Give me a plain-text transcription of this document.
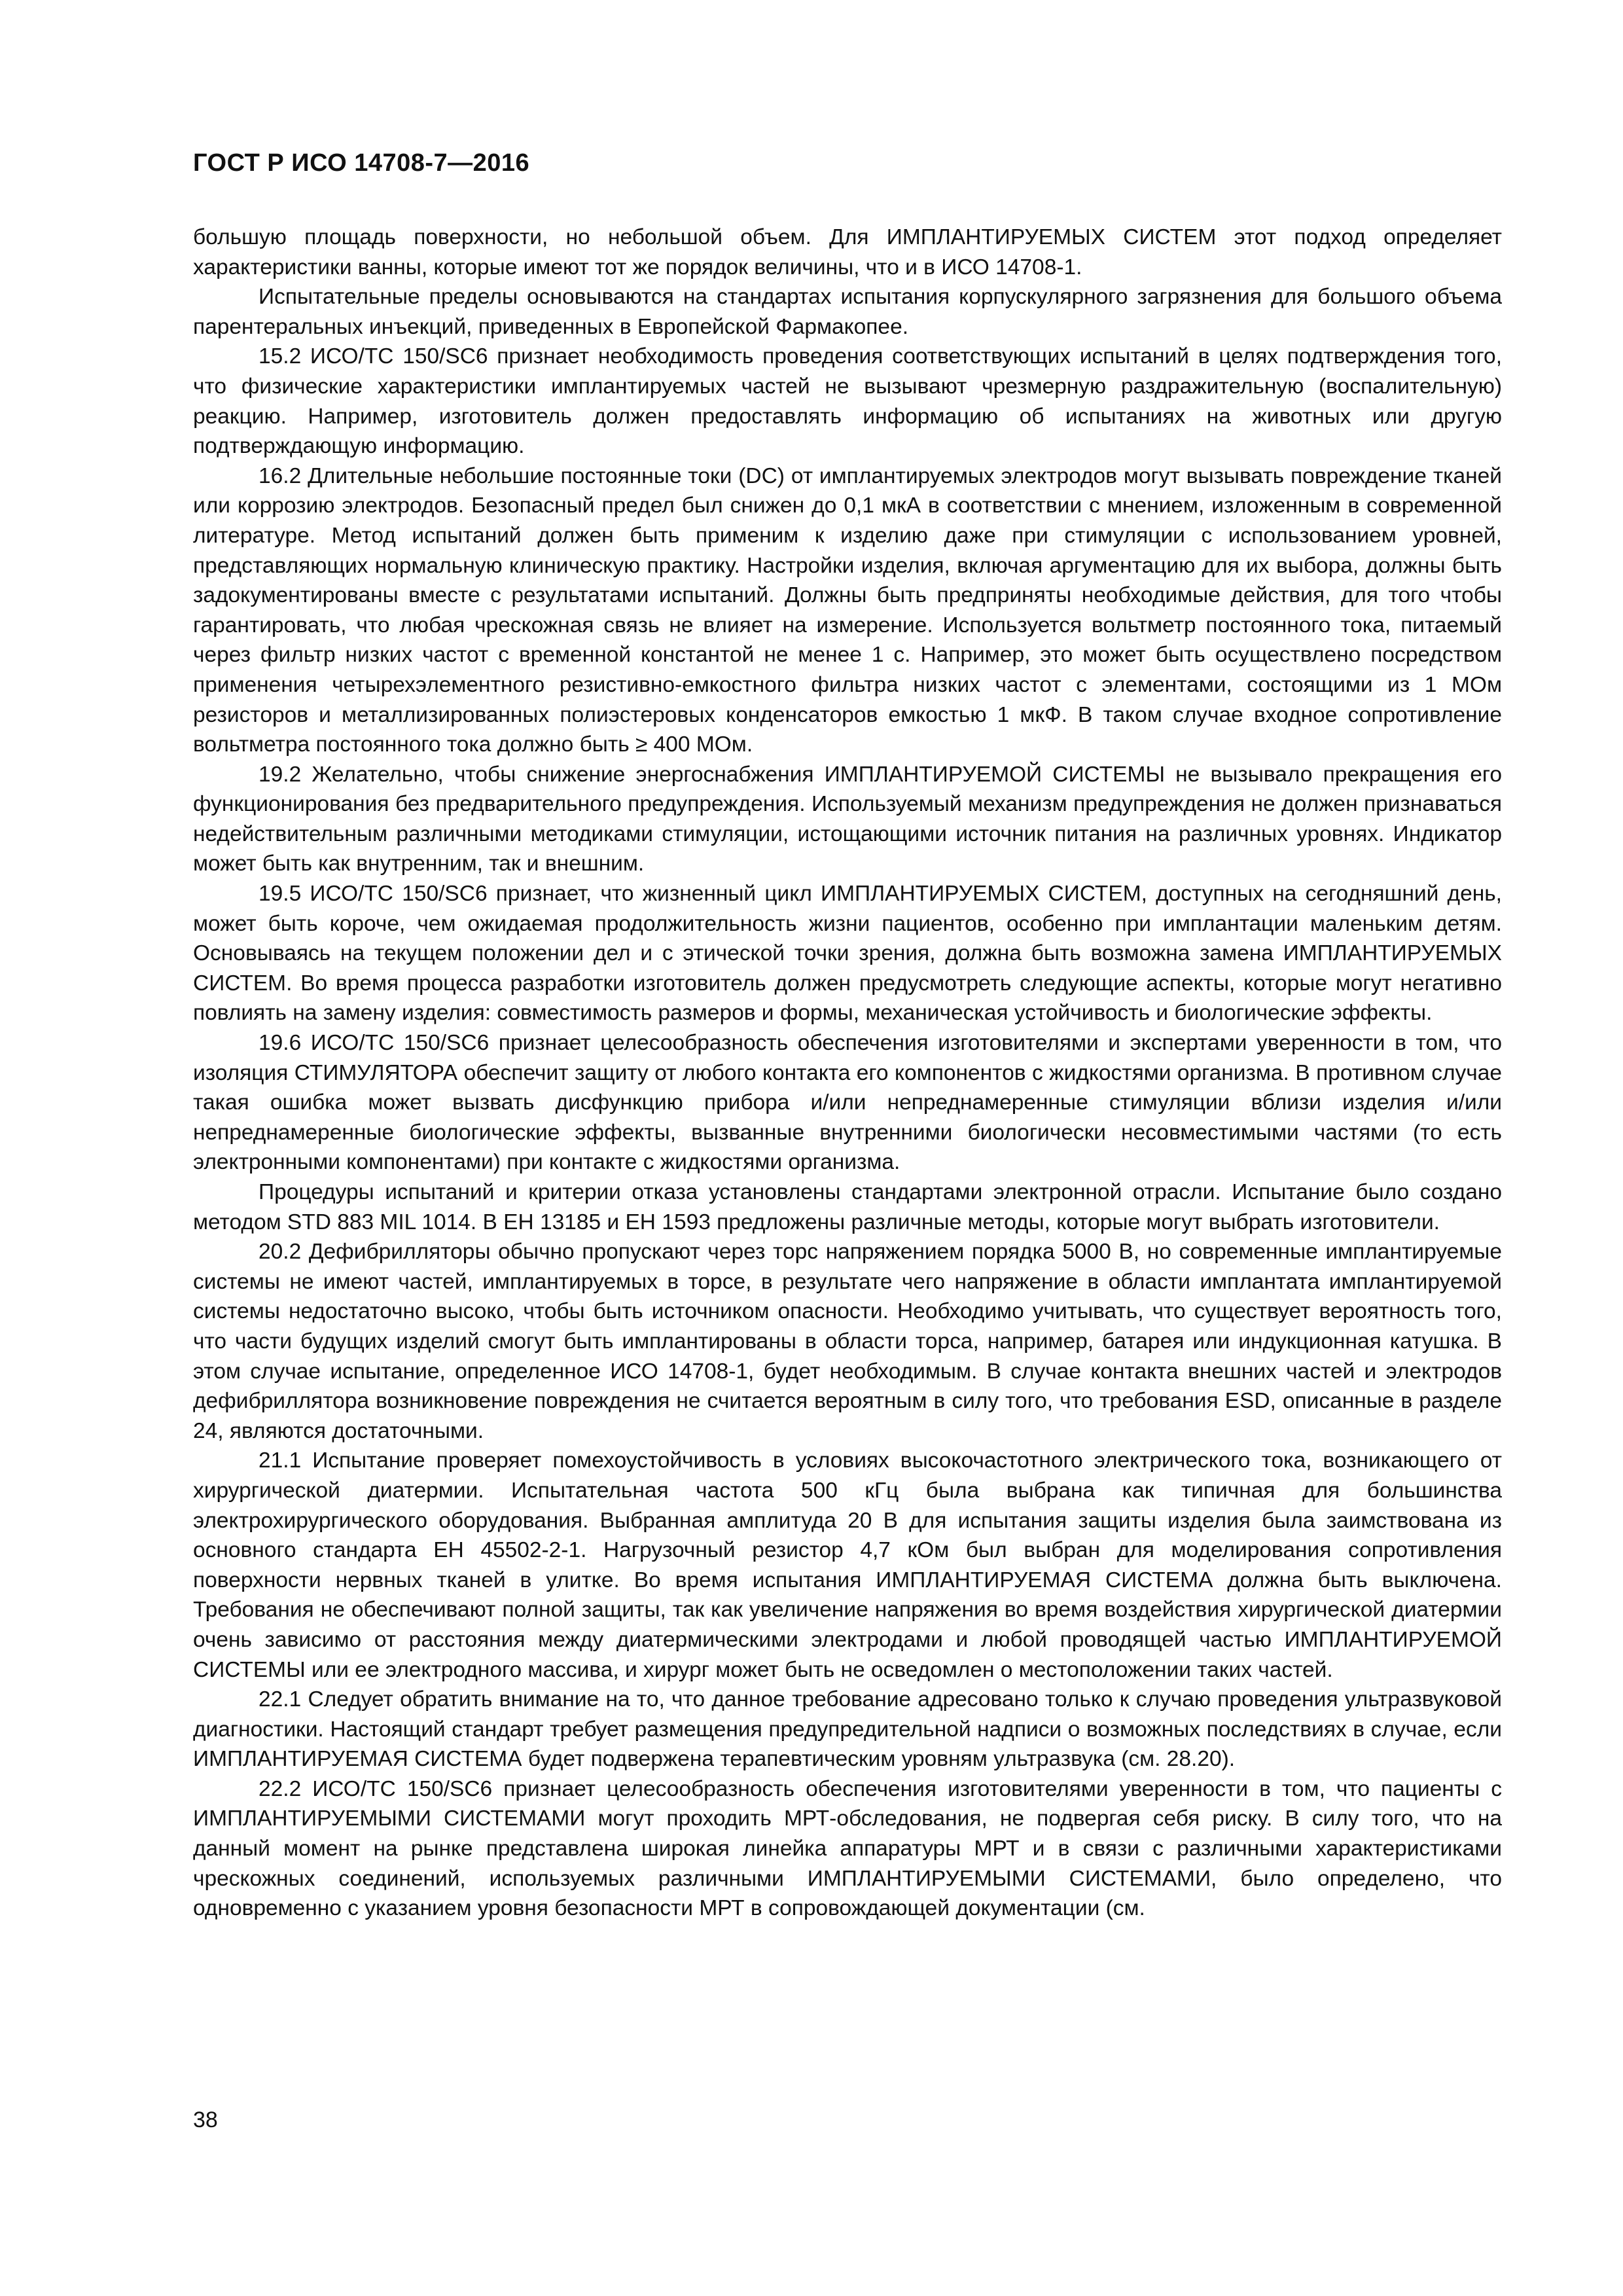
ГОСТ Р ИСО 14708-7—2016

большую площадь поверхности, но небольшой объем. Для ИМПЛАНТИРУЕМЫХ СИСТЕМ этот подход определяет характеристики ванны, которые имеют тот же порядок величины, что и в ИСО 14708-1.

Испытательные пределы основываются на стандартах испытания корпускулярного загрязнения для большого объема парентеральных инъекций, приведенных в Европейской Фармакопее.

15.2 ИСО/ТС 150/SC6 признает необходимость проведения соответствующих испытаний в целях подтверждения того, что физические характеристики имплантируемых частей не вызывают чрезмерную раздражительную (воспалительную) реакцию. Например, изготовитель должен предоставлять информацию об испытаниях на животных или другую подтверждающую информацию.

16.2 Длительные небольшие постоянные токи (DC) от имплантируемых электродов могут вызывать повреждение тканей или коррозию электродов. Безопасный предел был снижен до 0,1 мкА в соответствии с мнением, изложенным в современной литературе. Метод испытаний должен быть применим к изделию даже при стимуляции с использованием уровней, представляющих нормальную клиническую практику. Настройки изделия, включая аргументацию для их выбора, должны быть задокументированы вместе с результатами испытаний. Должны быть предприняты необходимые действия, для того чтобы гарантировать, что любая чрескожная связь не влияет на измерение. Используется вольтметр постоянного тока, питаемый через фильтр низких частот с временной константой не менее 1 с. Например, это может быть осуществлено посредством применения четырехэлементного резистивно-емкостного фильтра низких частот с элементами, состоящими из 1 МОм резисторов и металлизированных полиэстеровых конденсаторов емкостью 1 мкФ. В таком случае входное сопротивление вольтметра постоянного тока должно быть ≥ 400 МОм.

19.2 Желательно, чтобы снижение энергоснабжения ИМПЛАНТИРУЕМОЙ СИСТЕМЫ не вызывало прекращения его функционирования без предварительного предупреждения. Используемый механизм предупреждения не должен признаваться недействительным различными методиками стимуляции, истощающими источник питания на различных уровнях. Индикатор может быть как внутренним, так и внешним.

19.5 ИСО/ТС 150/SC6 признает, что жизненный цикл ИМПЛАНТИРУЕМЫХ СИСТЕМ, доступных на сегодняшний день, может быть короче, чем ожидаемая продолжительность жизни пациентов, особенно при имплантации маленьким детям. Основываясь на текущем положении дел и с этической точки зрения, должна быть возможна замена ИМПЛАНТИРУЕМЫХ СИСТЕМ. Во время процесса разработки изготовитель должен предусмотреть следующие аспекты, которые могут негативно повлиять на замену изделия: совместимость размеров и формы, механическая устойчивость и биологические эффекты.

19.6 ИСО/ТС 150/SC6 признает целесообразность обеспечения изготовителями и экспертами уверенности в том, что изоляция СТИМУЛЯТОРА обеспечит защиту от любого контакта его компонентов с жидкостями организма. В противном случае такая ошибка может вызвать дисфункцию прибора и/или непреднамеренные стимуляции вблизи изделия и/или непреднамеренные биологические эффекты, вызванные внутренними биологически несовместимыми частями (то есть электронными компонентами) при контакте с жидкостями организма.

Процедуры испытаний и критерии отказа установлены стандартами электронной отрасли. Испытание было создано методом STD 883 MIL 1014. В ЕН 13185 и ЕН 1593 предложены различные методы, которые могут выбрать изготовители.

20.2 Дефибрилляторы обычно пропускают через торс напряжением порядка 5000 В, но современные имплантируемые системы не имеют частей, имплантируемых в торсе, в результате чего напряжение в области имплантата имплантируемой системы недостаточно высоко, чтобы быть источником опасности. Необходимо учитывать, что существует вероятность того, что части будущих изделий смогут быть имплантированы в области торса, например, батарея или индукционная катушка. В этом случае испытание, определенное ИСО 14708-1, будет необходимым. В случае контакта внешних частей и электродов дефибриллятора возникновение повреждения не считается вероятным в силу того, что требования ESD, описанные в разделе 24, являются достаточными.

21.1 Испытание проверяет помехоустойчивость в условиях высокочастотного электрического тока, возникающего от хирургической диатермии. Испытательная частота 500 кГц была выбрана как типичная для большинства электрохирургического оборудования. Выбранная амплитуда 20 В для испытания защиты изделия была заимствована из основного стандарта ЕН 45502-2-1. Нагрузочный резистор 4,7 кОм был выбран для моделирования сопротивления поверхности нервных тканей в улитке. Во время испытания ИМПЛАНТИРУЕМАЯ СИСТЕМА должна быть выключена. Требования не обеспечивают полной защиты, так как увеличение напряжения во время воздействия хирургической диатермии очень зависимо от расстояния между диатермическими электродами и любой проводящей частью ИМПЛАНТИРУЕМОЙ СИСТЕМЫ или ее электродного массива, и хирург может быть не осведомлен о местоположении таких частей.

22.1 Следует обратить внимание на то, что данное требование адресовано только к случаю проведения ультразвуковой диагностики. Настоящий стандарт требует размещения предупредительной надписи о возможных последствиях в случае, если ИМПЛАНТИРУЕМАЯ СИСТЕМА будет подвержена терапевтическим уровням ультразвука (см. 28.20).

22.2 ИСО/ТС 150/SC6 признает целесообразность обеспечения изготовителями уверенности в том, что пациенты с ИМПЛАНТИРУЕМЫМИ СИСТЕМАМИ могут проходить МРТ-обследования, не подвергая себя риску. В силу того, что на данный момент на рынке представлена широкая линейка аппаратуры МРТ и в связи с различными характеристиками чрескожных соединений, используемых различными ИМПЛАНТИРУЕМЫМИ СИСТЕМАМИ, было определено, что одновременно с указанием уровня безопасности МРТ в сопровождающей документации (см.

38
